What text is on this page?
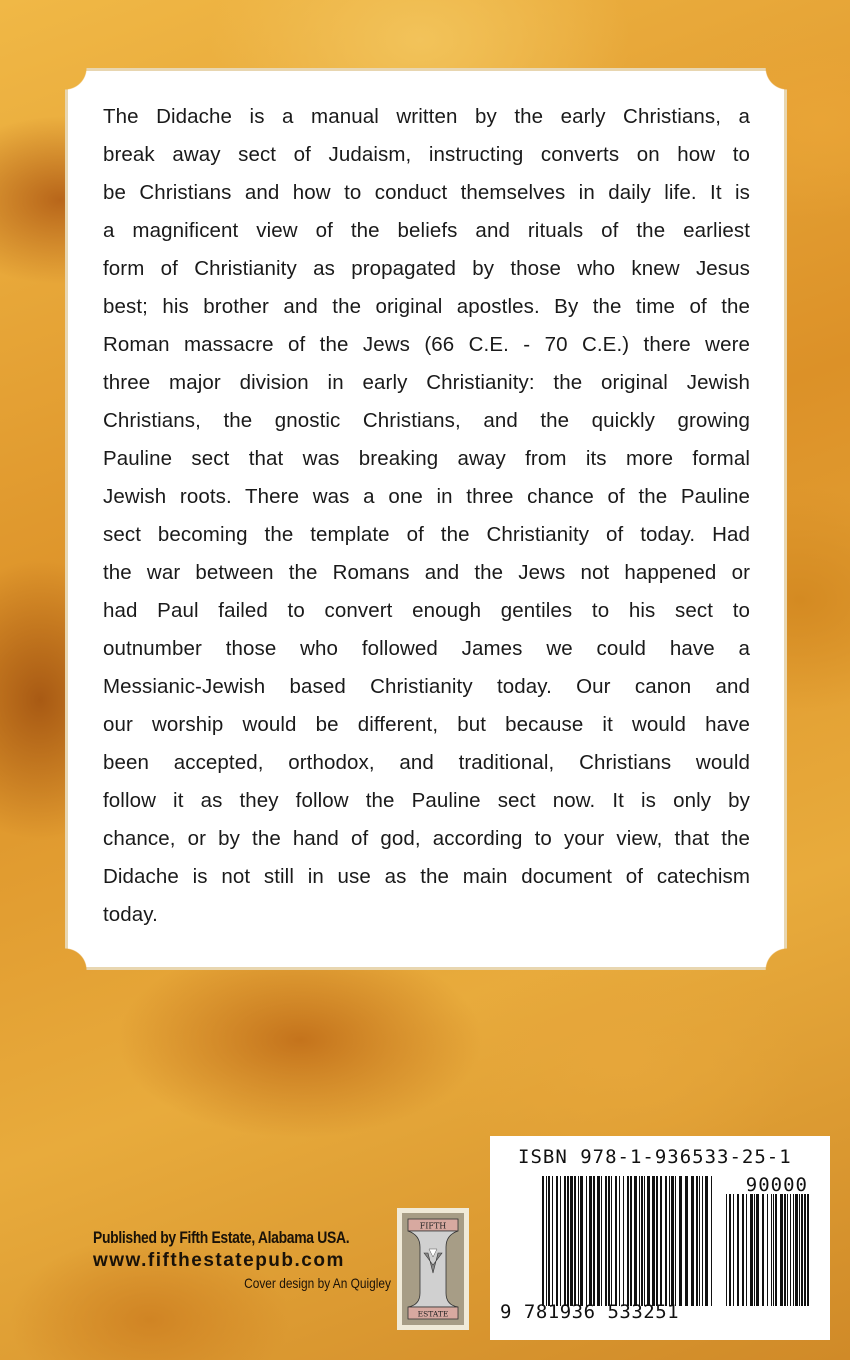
The Didache is a manual written by the early Christians, a
break away sect of Judaism, instructing converts on how to
be Christians and how to conduct themselves in daily life. It is
a magnificent view of the beliefs and rituals of the earliest
form of Christianity as propagated by those who knew Jesus
best; his brother and the original apostles. By the time of the
Roman massacre of the Jews (66 C.E. - 70 C.E.) there were
three major division in early Christianity: the original Jewish
Christians, the gnostic Christians, and the quickly growing
Pauline sect that was breaking away from its more formal
Jewish roots. There was a one in three chance of the Pauline
sect becoming the template of the Christianity of today. Had
the war between the Romans and the Jews not happened or
had Paul failed to convert enough gentiles to his sect to
outnumber those who followed James we could have a
Messianic-Jewish based Christianity today. Our canon and
our worship would be different, but because it would have
been accepted, orthodox, and traditional, Christians would
follow it as they follow the Pauline sect now. It is only by
chance, or by the hand of god, according to your view, that the
Didache is not still in use as the main document of catechism
today.
Published by Fifth Estate, Alabama USA.
www.fifthestatepub.com
Cover design by An Quigley
FIFTH
ESTATE
ISBN 978-1-936533-25-1
90000
9 781936 533251
